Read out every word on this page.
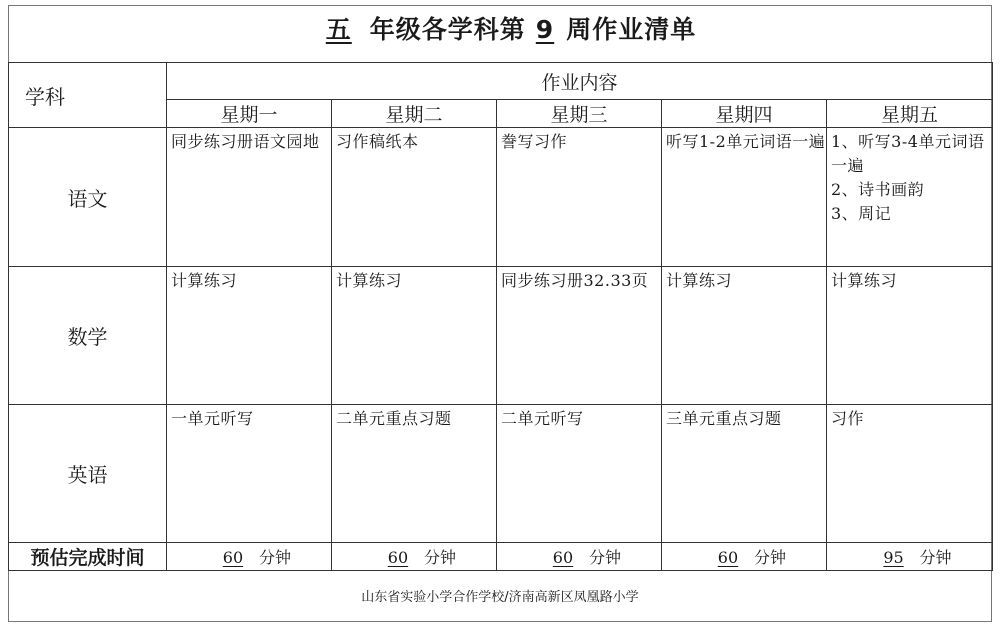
五 年级各学科第 9 周作业清单
学科	作业内容				
	星期一	星期二	星期三	星期四	星期五
语文	同步练习册语文园地	习作稿纸本	誊写习作	听写1-2单元词语一遍	1、听写3-4单元词语一遍
2、诗书画韵
3、周记

数学	计算练习	计算练习	同步练习册32.33页	计算练习	计算练习

英语	一单元听写	二单元重点习题	二单元听写	三单元重点习题	习作

预估完成时间	60 分钟	60 分钟	60 分钟	60 分钟	95 分钟
山东省实验小学合作学校/济南高新区凤凰路小学
